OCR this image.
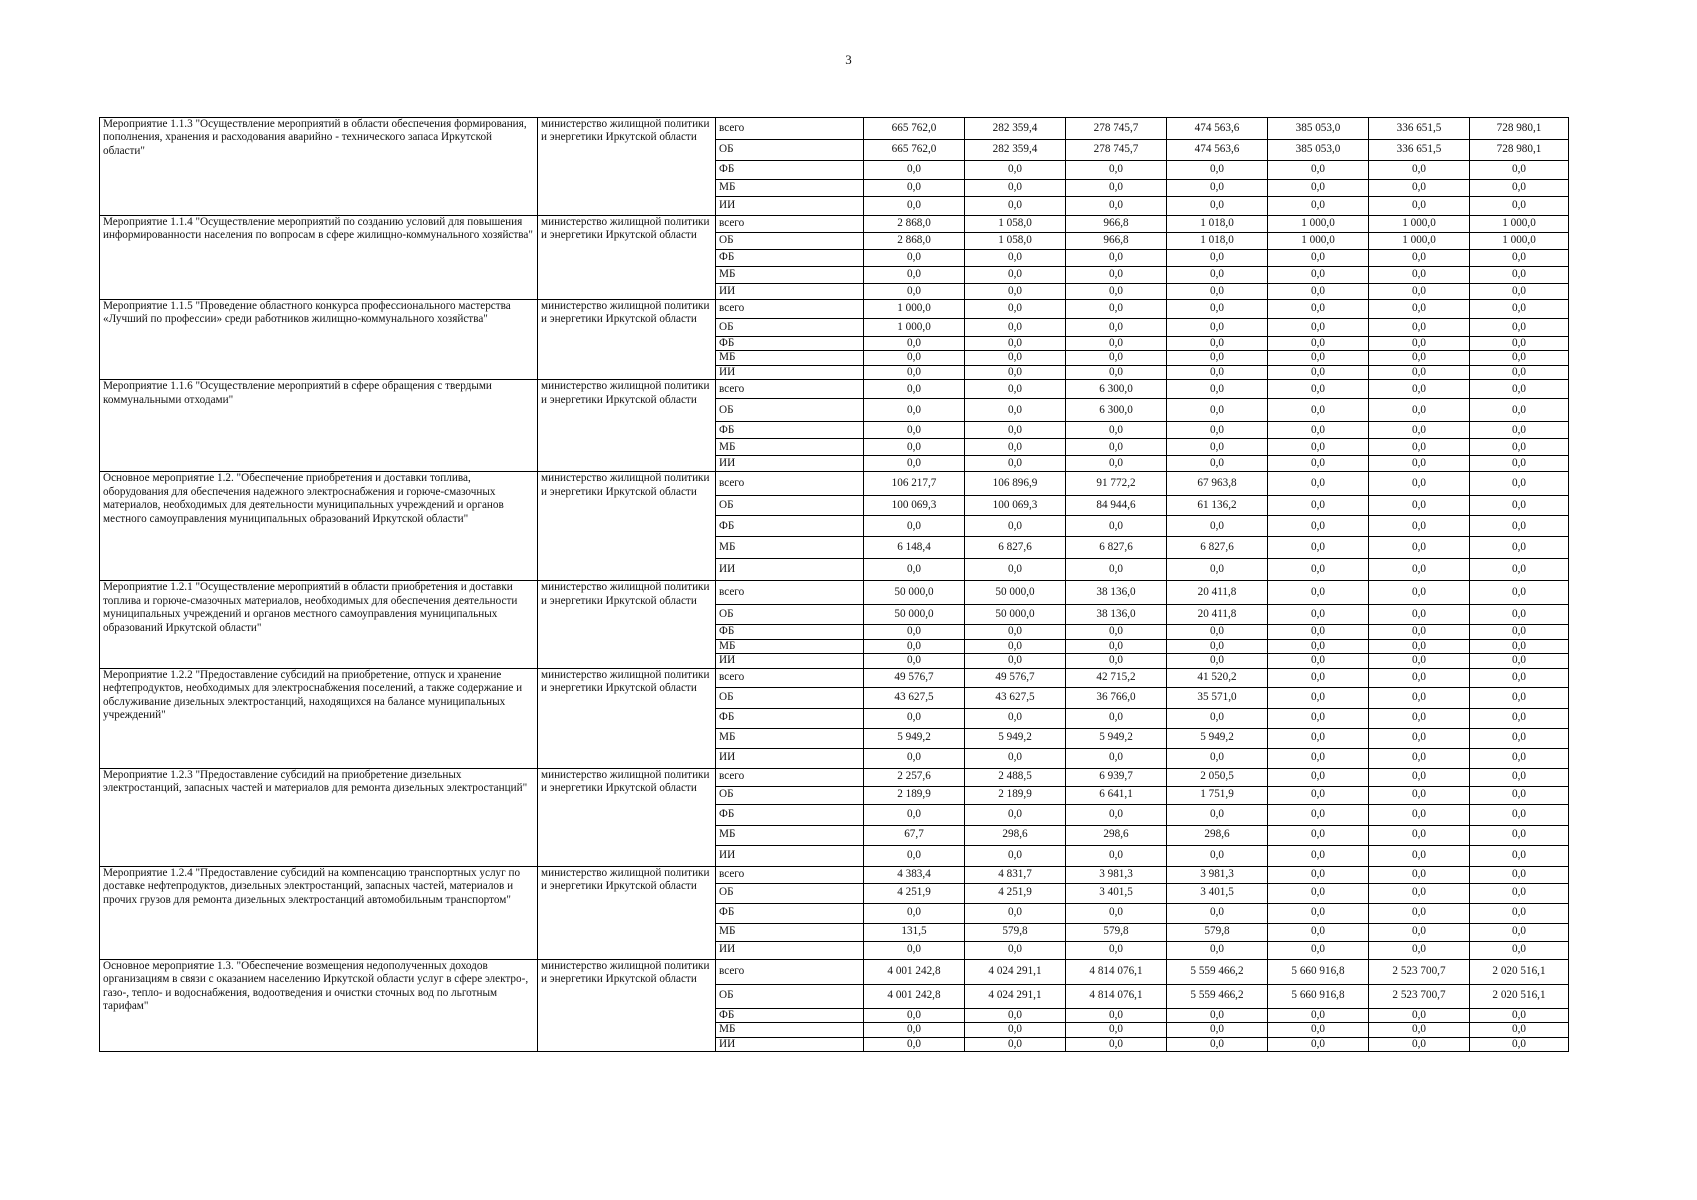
3
Мероприятие 1.1.3 "Осуществление мероприятий в области обеспечения формирования, пополнения, хранения и расходования аварийно - технического запаса Иркутской области"	министерство жилищной политики и энергетики Иркутской области	всего	665 762,0	282 359,4	278 745,7	474 563,6	385 053,0	336 651,5	728 980,1
		ОБ	665 762,0	282 359,4	278 745,7	474 563,6	385 053,0	336 651,5	728 980,1
		ФБ	0,0	0,0	0,0	0,0	0,0	0,0	0,0
		МБ	0,0	0,0	0,0	0,0	0,0	0,0	0,0
		ИИ	0,0	0,0	0,0	0,0	0,0	0,0	0,0
Мероприятие 1.1.4 "Осуществление мероприятий по созданию условий для повышения информированности населения по вопросам в сфере жилищно-коммунального хозяйства"	министерство жилищной политики и энергетики Иркутской области	всего	2 868,0	1 058,0	966,8	1 018,0	1 000,0	1 000,0	1 000,0
		ОБ	2 868,0	1 058,0	966,8	1 018,0	1 000,0	1 000,0	1 000,0
		ФБ	0,0	0,0	0,0	0,0	0,0	0,0	0,0
		МБ	0,0	0,0	0,0	0,0	0,0	0,0	0,0
		ИИ	0,0	0,0	0,0	0,0	0,0	0,0	0,0
Мероприятие 1.1.5 "Проведение областного конкурса профессионального мастерства «Лучший по профессии» среди работников жилищно-коммунального хозяйства"	министерство жилищной политики и энергетики Иркутской области	всего	1 000,0	0,0	0,0	0,0	0,0	0,0	0,0
		ОБ	1 000,0	0,0	0,0	0,0	0,0	0,0	0,0
		ФБ	0,0	0,0	0,0	0,0	0,0	0,0	0,0
		МБ	0,0	0,0	0,0	0,0	0,0	0,0	0,0
		ИИ	0,0	0,0	0,0	0,0	0,0	0,0	0,0
Мероприятие 1.1.6 "Осуществление мероприятий в сфере обращения с твердыми коммунальными отходами"	министерство жилищной политики и энергетики Иркутской области	всего	0,0	0,0	6 300,0	0,0	0,0	0,0	0,0
		ОБ	0,0	0,0	6 300,0	0,0	0,0	0,0	0,0
		ФБ	0,0	0,0	0,0	0,0	0,0	0,0	0,0
		МБ	0,0	0,0	0,0	0,0	0,0	0,0	0,0
		ИИ	0,0	0,0	0,0	0,0	0,0	0,0	0,0
Основное мероприятие 1.2. "Обеспечение приобретения и доставки топлива, оборудования для обеспечения надежного электроснабжения и горюче-смазочных материалов, необходимых для деятельности муниципальных учреждений и органов местного самоуправления муниципальных образований Иркутской области"	министерство жилищной политики и энергетики Иркутской области	всего	106 217,7	106 896,9	91 772,2	67 963,8	0,0	0,0	0,0
		ОБ	100 069,3	100 069,3	84 944,6	61 136,2	0,0	0,0	0,0
		ФБ	0,0	0,0	0,0	0,0	0,0	0,0	0,0
		МБ	6 148,4	6 827,6	6 827,6	6 827,6	0,0	0,0	0,0
		ИИ	0,0	0,0	0,0	0,0	0,0	0,0	0,0
Мероприятие 1.2.1 "Осуществление мероприятий в области приобретения и доставки топлива и горюче-смазочных материалов, необходимых для обеспечения деятельности муниципальных учреждений и органов местного самоуправления муниципальных образований Иркутской области"	министерство жилищной политики и энергетики Иркутской области	всего	50 000,0	50 000,0	38 136,0	20 411,8	0,0	0,0	0,0
		ОБ	50 000,0	50 000,0	38 136,0	20 411,8	0,0	0,0	0,0
		ФБ	0,0	0,0	0,0	0,0	0,0	0,0	0,0
		МБ	0,0	0,0	0,0	0,0	0,0	0,0	0,0
		ИИ	0,0	0,0	0,0	0,0	0,0	0,0	0,0
Мероприятие 1.2.2 "Предоставление субсидий на приобретение, отпуск и хранение нефтепродуктов, необходимых для электроснабжения поселений, а также содержание и обслуживание дизельных электростанций, находящихся на балансе муниципальных учреждений"	министерство жилищной политики и энергетики Иркутской области	всего	49 576,7	49 576,7	42 715,2	41 520,2	0,0	0,0	0,0
		ОБ	43 627,5	43 627,5	36 766,0	35 571,0	0,0	0,0	0,0
		ФБ	0,0	0,0	0,0	0,0	0,0	0,0	0,0
		МБ	5 949,2	5 949,2	5 949,2	5 949,2	0,0	0,0	0,0
		ИИ	0,0	0,0	0,0	0,0	0,0	0,0	0,0
Мероприятие 1.2.3 "Предоставление субсидий на приобретение дизельных электростанций, запасных частей и материалов для ремонта дизельных электростанций"	министерство жилищной политики и энергетики Иркутской области	всего	2 257,6	2 488,5	6 939,7	2 050,5	0,0	0,0	0,0
		ОБ	2 189,9	2 189,9	6 641,1	1 751,9	0,0	0,0	0,0
		ФБ	0,0	0,0	0,0	0,0	0,0	0,0	0,0
		МБ	67,7	298,6	298,6	298,6	0,0	0,0	0,0
		ИИ	0,0	0,0	0,0	0,0	0,0	0,0	0,0
Мероприятие 1.2.4 "Предоставление субсидий на компенсацию транспортных услуг по доставке нефтепродуктов, дизельных электростанций, запасных частей, материалов и прочих грузов для ремонта дизельных электростанций автомобильным транспортом"	министерство жилищной политики и энергетики Иркутской области	всего	4 383,4	4 831,7	3 981,3	3 981,3	0,0	0,0	0,0
		ОБ	4 251,9	4 251,9	3 401,5	3 401,5	0,0	0,0	0,0
		ФБ	0,0	0,0	0,0	0,0	0,0	0,0	0,0
		МБ	131,5	579,8	579,8	579,8	0,0	0,0	0,0
		ИИ	0,0	0,0	0,0	0,0	0,0	0,0	0,0
Основное мероприятие 1.3. "Обеспечение возмещения недополученных доходов организациям в связи с оказанием населению Иркутской области услуг в сфере электро-, газо-, тепло- и водоснабжения, водоотведения и очистки сточных вод по льготным тарифам"	министерство жилищной политики и энергетики Иркутской области	всего	4 001 242,8	4 024 291,1	4 814 076,1	5 559 466,2	5 660 916,8	2 523 700,7	2 020 516,1
		ОБ	4 001 242,8	4 024 291,1	4 814 076,1	5 559 466,2	5 660 916,8	2 523 700,7	2 020 516,1
		ФБ	0,0	0,0	0,0	0,0	0,0	0,0	0,0
		МБ	0,0	0,0	0,0	0,0	0,0	0,0	0,0
		ИИ	0,0	0,0	0,0	0,0	0,0	0,0	0,0
